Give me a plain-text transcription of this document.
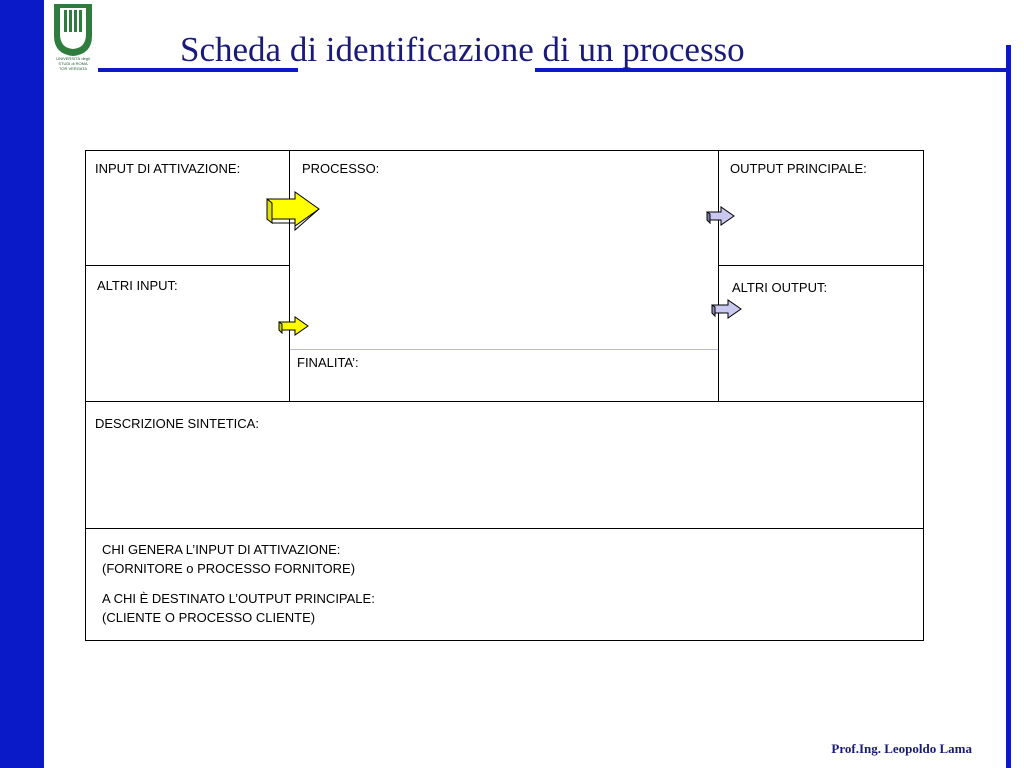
UNIVERSITÀ degli STUDI di ROMA
TOR VERGATA	Scheda di identificazione di un processo
INPUT DI ATTIVAZIONE:	PROCESSO:	OUTPUT PRINCIPALE:
ALTRI INPUT:	ALTRI OUTPUT:
FINALITA’:
DESCRIZIONE SINTETICA:
CHI GENERA L’INPUT DI ATTIVAZIONE:
(FORNITORE o PROCESSO FORNITORE)
A CHI È DESTINATO L’OUTPUT PRINCIPALE:
(CLIENTE O PROCESSO CLIENTE)
Prof.Ing. Leopoldo Lama
